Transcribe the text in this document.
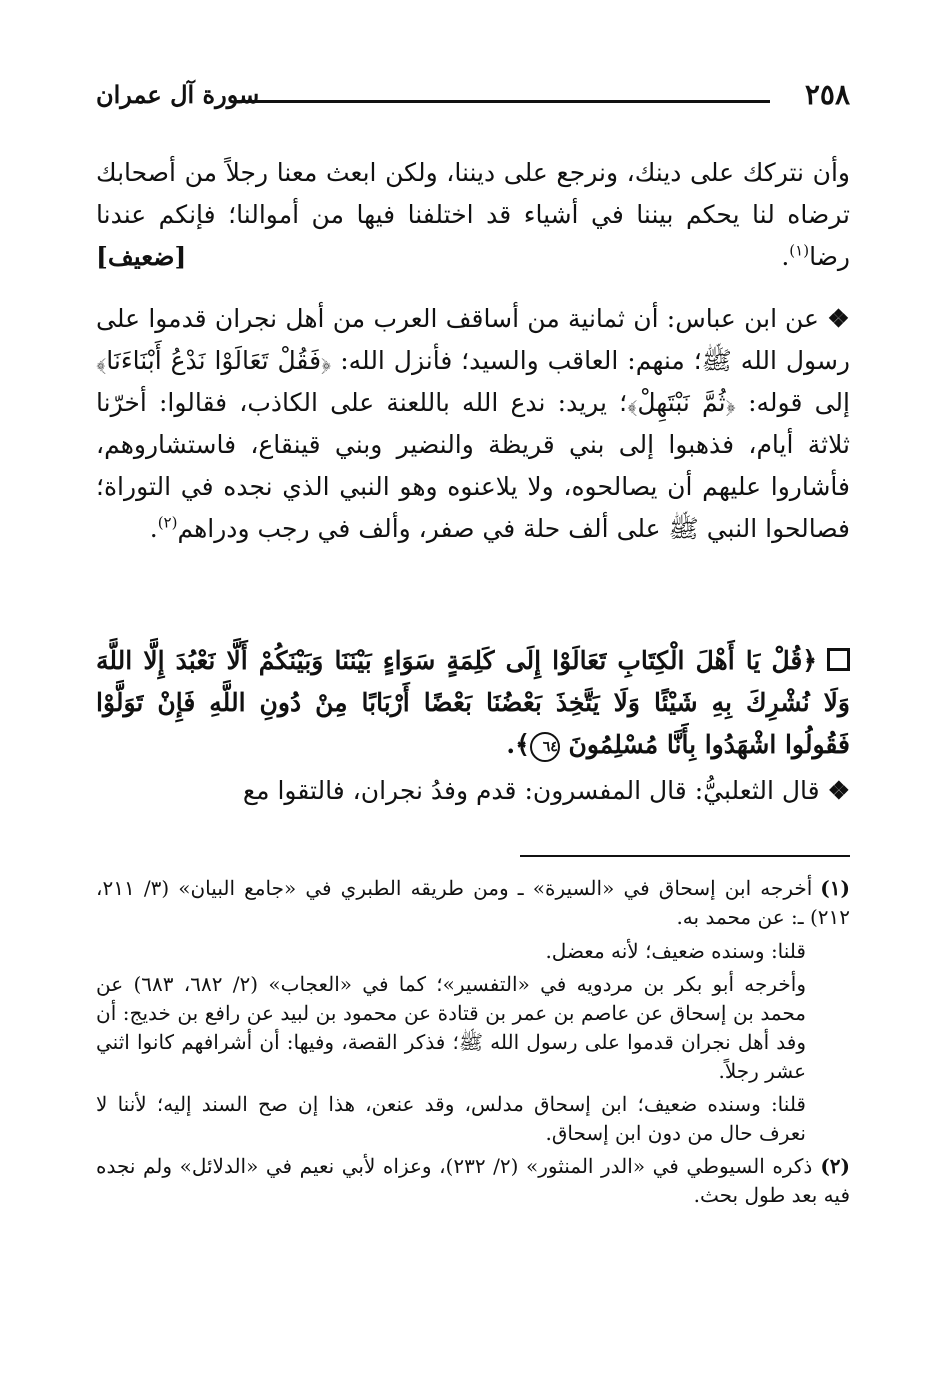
٢٥٨
سورة آل عمران

وأن نتركك على دينك، ونرجع على ديننا، ولكن ابعث معنا رجلاً من أصحابك ترضاه لنا يحكم بيننا في أشياء قد اختلفنا فيها من أموالنا؛ فإنكم عندنا رضا$^{(١)}$.
[ضعيف]

❖ عن ابن عباس: أن ثمانية من أساقف العرب من أهل نجران قدموا على رسول الله ﷺ؛ منهم: العاقب والسيد؛ فأنزل الله: ﴿فَقُلْ تَعَالَوْا نَدْعُ أَبْنَاءَنَا﴾ إلى قوله: ﴿ثُمَّ نَبْتَهِلْ﴾؛ يريد: ندع الله باللعنة على الكاذب، فقالوا: أخرّنا ثلاثة أيام، فذهبوا إلى بني قريظة والنضير وبني قينقاع، فاستشاروهم، فأشاروا عليهم أن يصالحوه، ولا يلاعنوه وهو النبي الذي نجده في التوراة؛ فصالحوا النبي ﷺ على ألف حلة في صفر، وألف في رجب ودراهم$^{(٢)}$.

﴿قُلْ يَا أَهْلَ الْكِتَابِ تَعَالَوْا إِلَى كَلِمَةٍ سَوَاءٍ بَيْنَنَا وَبَيْنَكُمْ أَلَّا نَعْبُدَ إِلَّا اللَّهَ وَلَا نُشْرِكَ بِهِ شَيْئًا وَلَا يَتَّخِذَ بَعْضُنَا بَعْضًا أَرْبَابًا مِنْ دُونِ اللَّهِ فَإِنْ تَوَلَّوْا فَقُولُوا اشْهَدُوا بِأَنَّا مُسْلِمُونَ ٦٤﴾.

❖ قال الثعلبيُّ: قال المفسرون: قدم وفدُ نجران، فالتقوا مع

(١)أخرجه ابن إسحاق في «السيرة» ـ ومن طريقه الطبري في «جامع البيان» (٣/ ٢١١، ٢١٢) ـ: عن محمد به.

قلنا: وسنده ضعيف؛ لأنه معضل.

وأخرجه أبو بكر بن مردويه في «التفسير»؛ كما في «العجاب» (٢/ ٦٨٢، ٦٨٣) عن محمد بن إسحاق عن عاصم بن عمر بن قتادة عن محمود بن لبيد عن رافع بن خديج: أن وفد أهل نجران قدموا على رسول الله ﷺ؛ فذكر القصة، وفيها: أن أشرافهم كانوا اثني عشر رجلاً.

قلنا: وسنده ضعيف؛ ابن إسحاق مدلس، وقد عنعن، هذا إن صح السند إليه؛ لأننا لا نعرف حال من دون ابن إسحاق.

(٢)ذكره السيوطي في «الدر المنثور» (٢/ ٢٣٢)، وعزاه لأبي نعيم في «الدلائل» ولم نجده فيه بعد طول بحث.
